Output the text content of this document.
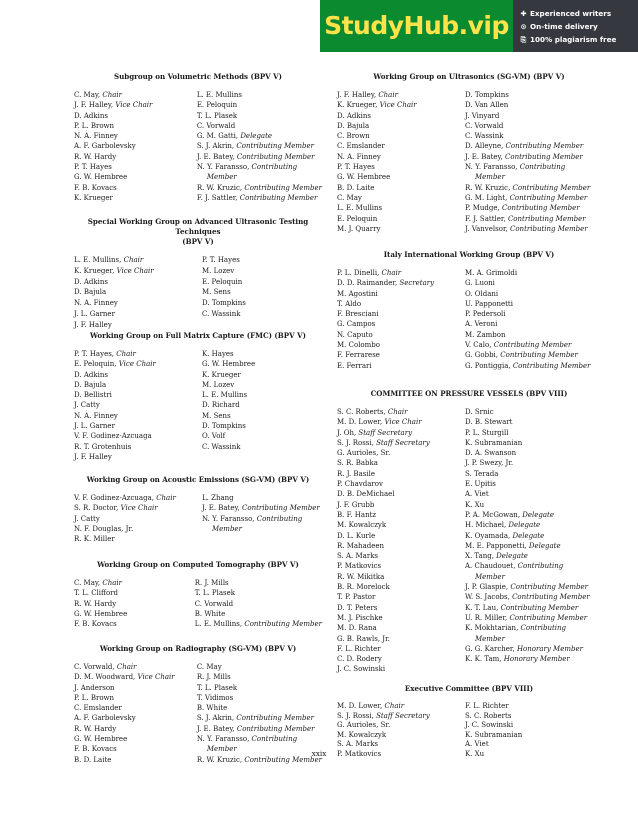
StudyHub.vip	✚ Experienced writers
⊙ On-time delivery
⎘ 100% plagiarism free
Subgroup on Volumetric Methods (BPV V)
C. May, Chair
J. F. Halley, Vice Chair
D. Adkins
P. L. Brown
N. A. Finney
A. F. Garbolevsky
R. W. Hardy
P. T. Hayes
G. W. Hembree
F. B. Kovacs
K. Krueger
L. E. Mullins
E. Peloquin
T. L. Plasek
C. Vorwald
G. M. Gatti, Delegate
S. J. Akrin, Contributing Member
J. E. Batey, Contributing Member
N. Y. Faransso, Contributing
Member
R. W. Kruzic, Contributing Member
F. J. Sattler, Contributing Member
Special Working Group on Advanced Ultrasonic Testing Techniques
(BPV V)
L. E. Mullins, Chair
K. Krueger, Vice Chair
D. Adkins
D. Bajula
N. A. Finney
J. L. Garner
J. F. Halley
P. T. Hayes
M. Lozev
E. Peloquin
M. Sens
D. Tompkins
C. Wassink
Working Group on Full Matrix Capture (FMC) (BPV V)
P. T. Hayes, Chair
E. Peloquin, Vice Chair
D. Adkins
D. Bajula
D. Bellistri
J. Catty
N. A. Finney
J. L. Garner
V. F. Godinez-Azcuaga
R. T. Grotenhuis
J. F. Halley
K. Hayes
G. W. Hembree
K. Krueger
M. Lozev
L. E. Mullins
D. Richard
M. Sens
D. Tompkins
O. Volf
C. Wassink
Working Group on Acoustic Emissions (SG-VM) (BPV V)
V. F. Godinez-Azcuaga, Chair
S. R. Doctor, Vice Chair
J. Catty
N. F. Douglas, Jr.
R. K. Miller
L. Zhang
J. E. Batey, Contributing Member
N. Y. Faransso, Contributing
Member
Working Group on Computed Tomography (BPV V)
C. May, Chair
T. L. Clifford
R. W. Hardy
G. W. Hembree
F. B. Kovacs
R. J. Mills
T. L. Plasek
C. Vorwald
B. White
L. E. Mullins, Contributing Member
Working Group on Radiography (SG-VM) (BPV V)
C. Vorwald, Chair
D. M. Woodward, Vice Chair
J. Anderson
P. L. Brown
C. Emslander
A. F. Garbolevsky
R. W. Hardy
G. W. Hembree
F. B. Kovacs
B. D. Laite
C. May
R. J. Mills
T. L. Plasek
T. Vidimos
B. White
S. J. Akrin, Contributing Member
J. E. Batey, Contributing Member
N. Y. Faransso, Contributing
Member
R. W. Kruzic, Contributing Member
Working Group on Ultrasonics (SG-VM) (BPV V)
J. F. Halley, Chair
K. Krueger, Vice Chair
D. Adkins
D. Bajula
C. Brown
C. Emslander
N. A. Finney
P. T. Hayes
G. W. Hembree
B. D. Laite
C. May
L. E. Mullins
E. Peloquin
M. J. Quarry
D. Tompkins
D. Van Allen
J. Vinyard
C. Vorwald
C. Wassink
D. Alleyne, Contributing Member
J. E. Batey, Contributing Member
N. Y. Faransso, Contributing
Member
R. W. Kruzic, Contributing Member
G. M. Light, Contributing Member
P. Mudge, Contributing Member
F. J. Sattler, Contributing Member
J. Vanvelsor, Contributing Member
Italy International Working Group (BPV V)
P. L. Dinelli, Chair
D. D. Raimander, Secretary
M. Agostini
T. Aldo
F. Bresciani
G. Campos
N. Caputo
M. Colombo
F. Ferrarese
E. Ferrari
M. A. Grimoldi
G. Luoni
O. Oldani
U. Papponetti
P. Pedersoli
A. Veroni
M. Zambon
V. Calo, Contributing Member
G. Gobbi, Contributing Member
G. Pontiggia, Contributing Member
COMMITTEE ON PRESSURE VESSELS (BPV VIII)
S. C. Roberts, Chair
M. D. Lower, Vice Chair
J. Oh, Staff Secretary
S. J. Rossi, Staff Secretary
G. Aurioles, Sr.
S. R. Babka
R. J. Basile
P. Chavdarov
D. B. DeMichael
J. F. Grubb
B. F. Hantz
M. Kowalczyk
D. L. Kurle
R. Mahadeen
S. A. Marks
P. Matkovics
R. W. Mikitka
B. R. Morelock
T. P. Pastor
D. T. Peters
M. J. Pischke
M. D. Rana
G. B. Rawls, Jr.
F. L. Richter
C. D. Rodery
J. C. Sowinski
D. Srnic
D. B. Stewart
P. L. Sturgill
K. Subramanian
D. A. Swanson
J. P. Swezy, Jr.
S. Terada
E. Upitis
A. Viet
K. Xu
P. A. McGowan, Delegate
H. Michael, Delegate
K. Oyamada, Delegate
M. E. Papponetti, Delegate
X. Tang, Delegate
A. Chaudouet, Contributing
Member
J. P. Glaspie, Contributing Member
W. S. Jacobs, Contributing Member
K. T. Lau, Contributing Member
U. R. Miller, Contributing Member
K. Mokhtarian, Contributing
Member
G. G. Karcher, Honorary Member
K. K. Tam, Honorary Member
Executive Committee (BPV VIII)
M. D. Lower, Chair
S. J. Rossi, Staff Secretary
G. Aurioles, Sr.
M. Kowalczyk
S. A. Marks
P. Matkovics
F. L. Richter
S. C. Roberts
J. C. Sowinski
K. Subramanian
A. Viet
K. Xu
xxix
